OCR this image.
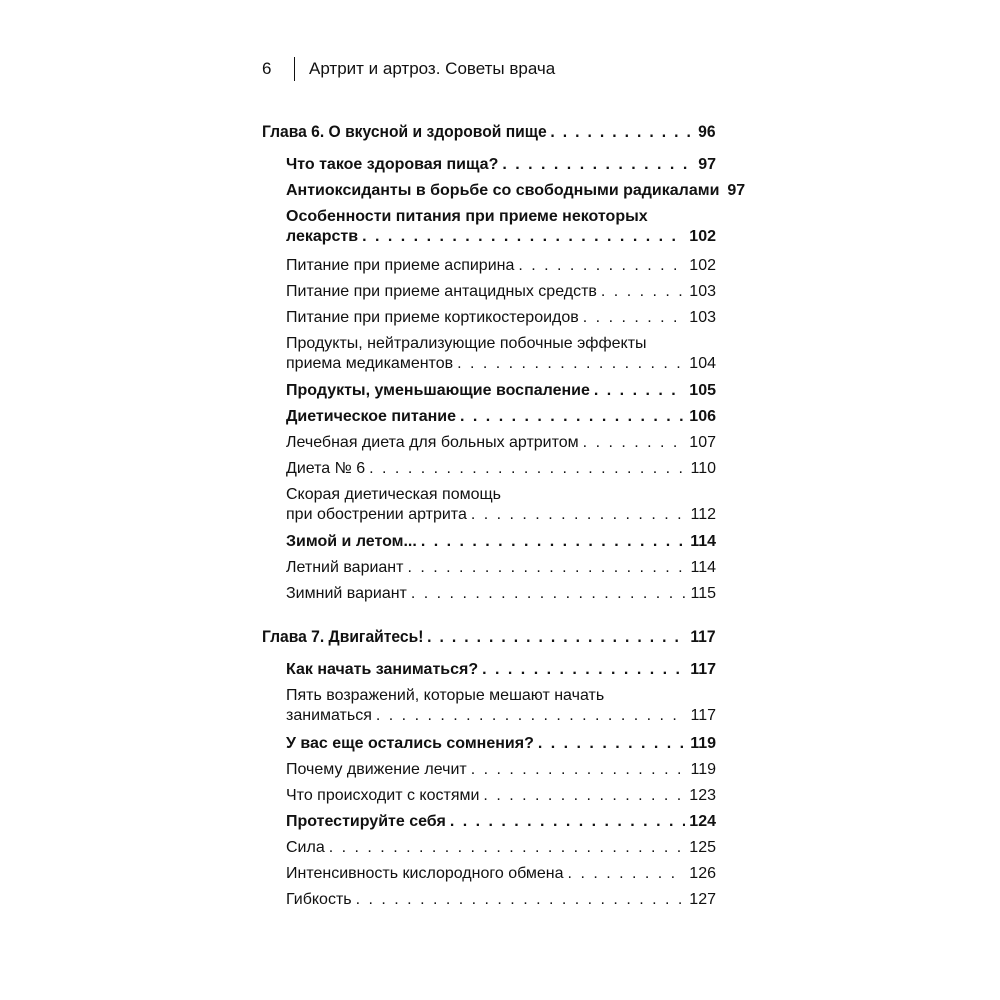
6	Артрит и артроз. Советы врача
Глава 6. О вкусной и здоровой пище . . .	96
Что такое здоровая пища? . . .	97
Антиоксиданты в борьбе со свободными радикалами 97
Особенности питания при приеме некоторых
лекарств . . .	102
Питание при приеме аспирина . . .	102
Питание при приеме антацидных средств . . .	103
Питание при приеме кортикостероидов . . .	103
Продукты, нейтрализующие побочные эффекты
приема медикаментов . . .	104
Продукты, уменьшающие воспаление . . .	105
Диетическое питание . . .	106
Лечебная диета для больных артритом . . .	107
Диета № 6 . . .	110
Скорая диетическая помощь
при обострении артрита . . .	112
Зимой и летом... . . .	114
Летний вариант . . .	114
Зимний вариант . . .	115
Глава 7. Двигайтесь! . . .	117
Как начать заниматься? . . .	117
Пять возражений, которые мешают начать
заниматься . . .	117
У вас еще остались сомнения? . . .	119
Почему движение лечит . . .	119
Что происходит с костями . . .	123
Протестируйте себя . . .	124
Сила . . .	125
Интенсивность кислородного обмена . . .	126
Гибкость . . .	127
